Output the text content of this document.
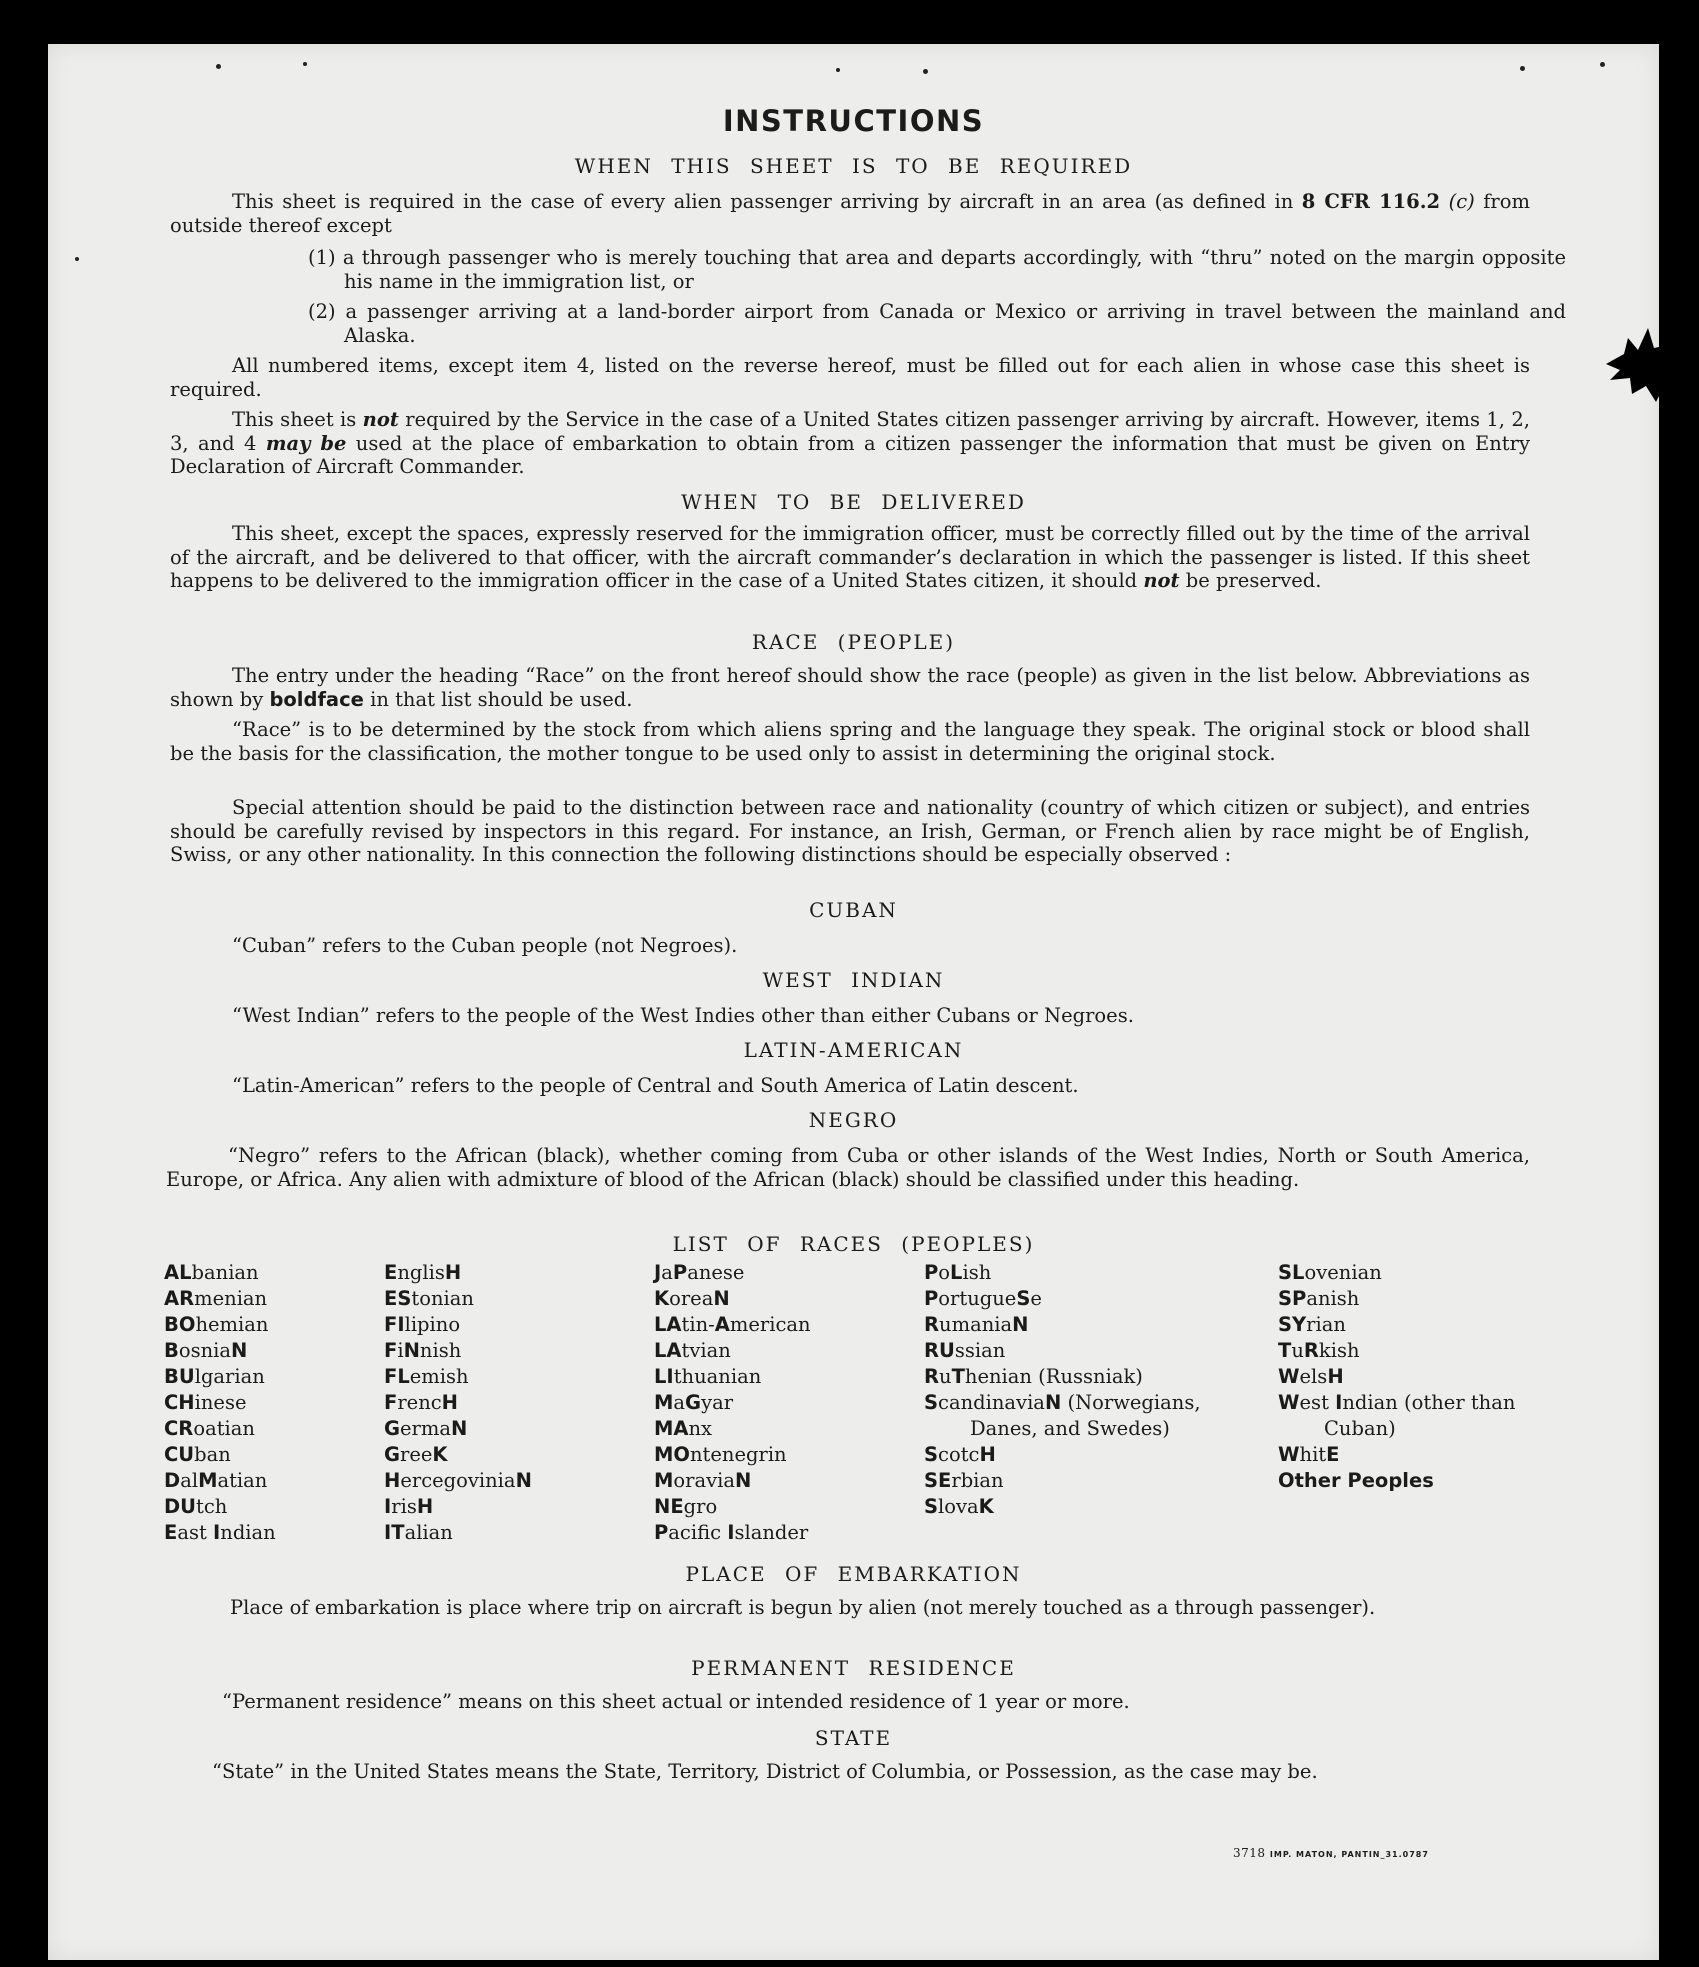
INSTRUCTIONS
WHEN THIS SHEET IS TO BE REQUIRED

This sheet is required in the case of every alien passenger arriving by aircraft in an area (as defined in 8 CFR 116.2 (c) from outside thereof except

(1) a through passenger who is merely touching that area and departs accordingly, with “thru” noted on the margin opposite his name in the immigration list, or

(2) a passenger arriving at a land-border airport from Canada or Mexico or arriving in travel between the mainland and Alaska.

All numbered items, except item 4, listed on the reverse hereof, must be filled out for each alien in whose case this sheet is required.

This sheet is not required by the Service in the case of a United States citizen passenger arriving by aircraft. However, items 1, 2, 3, and 4 may be used at the place of embarkation to obtain from a citizen passenger the information that must be given on Entry Declaration of Aircraft Commander.

WHEN TO BE DELIVERED

This sheet, except the spaces, expressly reserved for the immigration officer, must be correctly filled out by the time of the arrival of the aircraft, and be delivered to that officer, with the aircraft commander’s declaration in which the passenger is listed. If this sheet happens to be delivered to the immigration officer in the case of a United States citizen, it should not be preserved.

RACE (PEOPLE)

The entry under the heading “Race” on the front hereof should show the race (people) as given in the list below. Abbreviations as shown by boldface in that list should be used.

“Race” is to be determined by the stock from which aliens spring and the language they speak. The original stock or blood shall be the basis for the classification, the mother tongue to be used only to assist in determining the original stock.

Special attention should be paid to the distinction between race and nationality (country of which citizen or subject), and entries should be carefully revised by inspectors in this regard. For instance, an Irish, German, or French alien by race might be of English, Swiss, or any other nationality. In this connection the following distinctions should be especially observed :

CUBAN

“Cuban” refers to the Cuban people (not Negroes).

WEST INDIAN

“West Indian” refers to the people of the West Indies other than either Cubans or Negroes.

LATIN-AMERICAN

“Latin-American” refers to the people of Central and South America of Latin descent.

NEGRO

“Negro” refers to the African (black), whether coming from Cuba or other islands of the West Indies, North or South America, Europe, or Africa. Any alien with admixture of blood of the African (black) should be classified under this heading.

LIST OF RACES (PEOPLES)
ALbanian
ARmenian
BOhemian
BosniaN
BUlgarian
CHinese
CRoatian
CUban
DalMatian
DUtch
East Indian
EnglisH
EStonian
FIlipino
FiNnish
FLemish
FrencH
GermaN
GreeK
HercegoviniaN
IrisH
ITalian
JaPanese
KoreaN
LAtin-American
LAtvian
LIthuanian
MaGyar
MAnx
MOntenegrin
MoraviaN
NEgro
Pacific Islander
PoLish
PortugueSe
RumaniaN
RUssian
RuThenian (Russniak)
ScandinaviaN (Norwegians, Danes, and Swedes)
ScotcH
SErbian
SlovaK
SLovenian
SPanish
SYrian
TuRkish
WelsH
West Indian (other than Cuban)
WhitE
Other Peoples
PLACE OF EMBARKATION

Place of embarkation is place where trip on aircraft is begun by alien (not merely touched as a through passenger).

PERMANENT RESIDENCE

“Permanent residence” means on this sheet actual or intended residence of 1 year or more.

STATE

“State” in the United States means the State, Territory, District of Columbia, or Possession, as the case may be.

3718 IMP. MATON, PANTIN_31.0787
